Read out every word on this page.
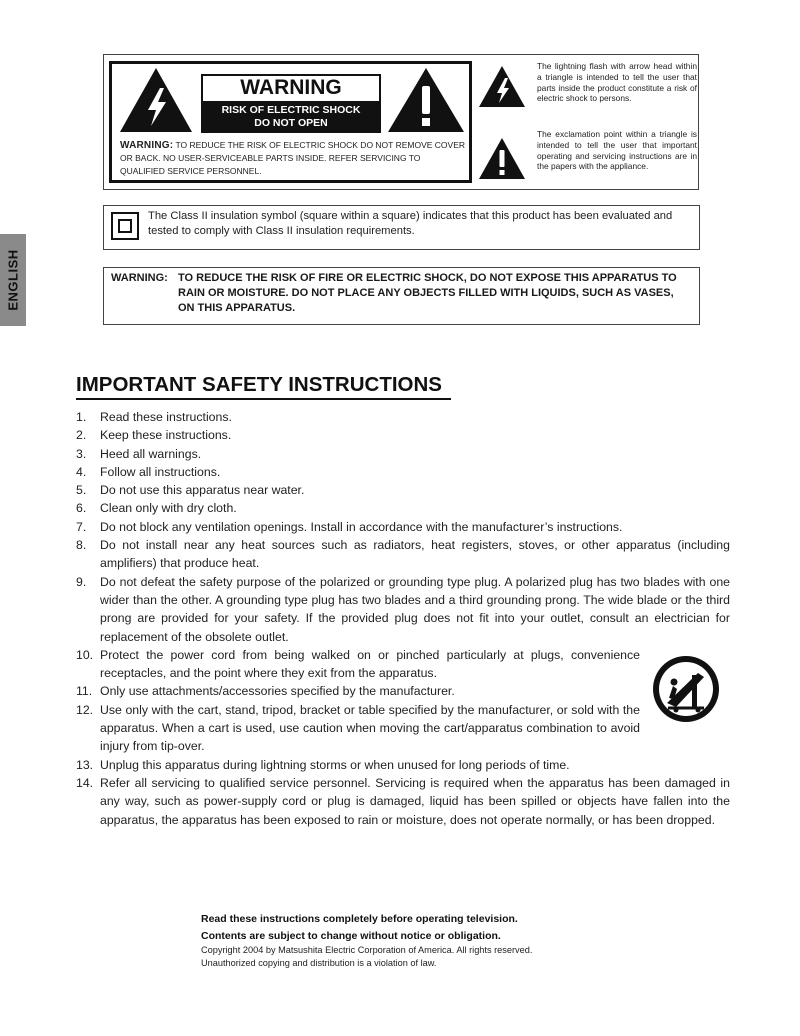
WARNING
RISK OF ELECTRIC SHOCK
DO NOT OPEN
WARNING: TO REDUCE THE RISK OF ELECTRIC SHOCK DO NOT REMOVE COVER OR BACK. NO USER-SERVICEABLE PARTS INSIDE. REFER SERVICING TO QUALIFIED SERVICE PERSONNEL.
The lightning flash with arrow head within a triangle is intended to tell the user that parts inside the product constitute a risk of electric shock to persons.
The exclamation point within a triangle is intended to tell the user that important operating and servicing instructions are in the papers with the appliance.
The Class II insulation symbol (square within a square) indicates that this product has been evaluated and tested to comply with Class II insulation requirements.
WARNING: TO REDUCE THE RISK OF FIRE OR ELECTRIC SHOCK, DO NOT EXPOSE THIS APPARATUS TO RAIN OR MOISTURE. DO NOT PLACE ANY OBJECTS FILLED WITH LIQUIDS, SUCH AS VASES, ON THIS APPARATUS.
ENGLISH
IMPORTANT SAFETY INSTRUCTIONS
1. Read these instructions.
2. Keep these instructions.
3. Heed all warnings.
4. Follow all instructions.
5. Do not use this apparatus near water.
6. Clean only with dry cloth.
7. Do not block any ventilation openings. Install in accordance with the manufacturer’s instructions.
8. Do not install near any heat sources such as radiators, heat registers, stoves, or other apparatus (including amplifiers) that produce heat.
9. Do not defeat the safety purpose of the polarized or grounding type plug. A polarized plug has two blades with one wider than the other. A grounding type plug has two blades and a third grounding prong. The wide blade or the third prong are provided for your safety. If the provided plug does not fit into your outlet, consult an electrician for replacement of the obsolete outlet.
10. Protect the power cord from being walked on or pinched particularly at plugs, convenience receptacles, and the point where they exit from the apparatus.
11. Only use attachments/accessories specified by the manufacturer.
12. Use only with the cart, stand, tripod, bracket or table specified by the manufacturer, or sold with the apparatus. When a cart is used, use caution when moving the cart/apparatus combination to avoid injury from tip-over.
13. Unplug this apparatus during lightning storms or when unused for long periods of time.
14. Refer all servicing to qualified service personnel. Servicing is required when the apparatus has been damaged in any way, such as power-supply cord or plug is damaged, liquid has been spilled or objects have fallen into the apparatus, the apparatus has been exposed to rain or moisture, does not operate normally, or has been dropped.
Read these instructions completely before operating television.
Contents are subject to change without notice or obligation.
Copyright 2004 by Matsushita Electric Corporation of America. All rights reserved.
Unauthorized copying and distribution is a violation of law.
